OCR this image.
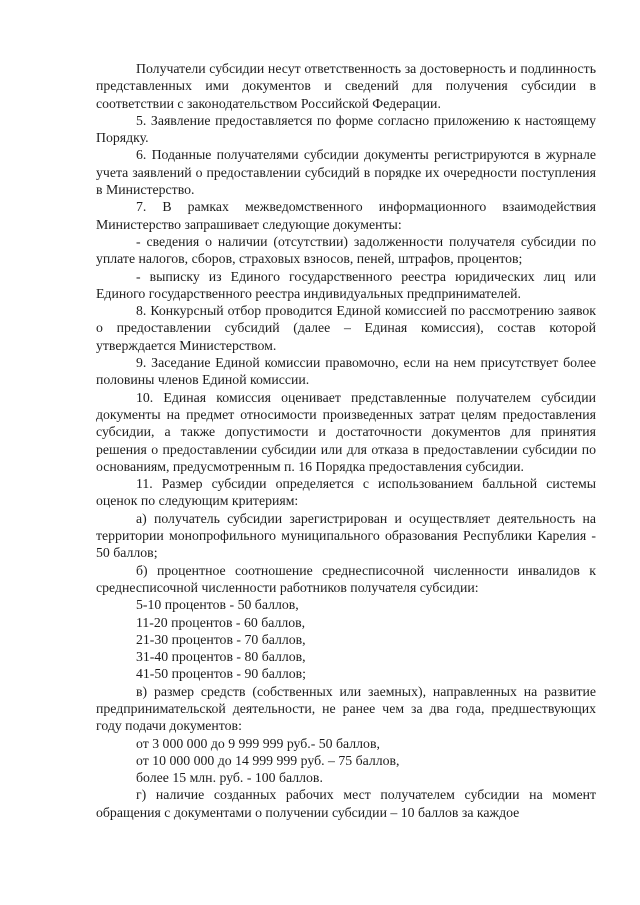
Получатели субсидии несут ответственность за достоверность и подлинность представленных ими документов и сведений для получения субсидии в соответствии с законодательством Российской Федерации.

5. Заявление предоставляется по форме согласно приложению к настоящему Порядку.

6. Поданные получателями субсидии документы регистрируются в журнале учета заявлений о предоставлении субсидий в порядке их очередности поступления в Министерство.

7. В рамках межведомственного информационного взаимодействия Министерство запрашивает следующие документы:

- сведения о наличии (отсутствии) задолженности получателя субсидии по уплате налогов, сборов, страховых взносов, пеней, штрафов, процентов;

- выписку из Единого государственного реестра юридических лиц или Единого государственного реестра индивидуальных предпринимателей.

8. Конкурсный отбор проводится Единой комиссией по рассмотрению заявок о предоставлении субсидий (далее – Единая комиссия), состав которой утверждается Министерством.

9. Заседание Единой комиссии правомочно, если на нем присутствует более половины членов Единой комиссии.

10. Единая комиссия оценивает представленные получателем субсидии документы на предмет относимости произведенных затрат целям предоставления субсидии, а также допустимости и достаточности документов для принятия решения о предоставлении субсидии или для отказа в предоставлении субсидии по основаниям, предусмотренным п. 16 Порядка предоставления субсидии.

11. Размер субсидии определяется с использованием балльной системы оценок по следующим критериям:

а) получатель субсидии зарегистрирован и осуществляет деятельность на территории монопрофильного муниципального образования Республики Карелия - 50 баллов;

б) процентное соотношение среднесписочной численности инвалидов к среднесписочной численности работников получателя субсидии:

5-10 процентов - 50 баллов,

11-20 процентов - 60 баллов,

21-30 процентов - 70 баллов,

31-40 процентов - 80 баллов,

41-50 процентов - 90 баллов;

в) размер средств (собственных или заемных), направленных на развитие предпринимательской деятельности, не ранее чем за два года, предшествующих году подачи документов:

от 3 000 000 до 9 999 999 руб.- 50 баллов,

от 10 000 000 до 14 999 999 руб. – 75 баллов,

более 15 млн. руб. - 100 баллов.

г) наличие созданных рабочих мест получателем субсидии на момент обращения с документами о получении субсидии – 10 баллов за каждое
